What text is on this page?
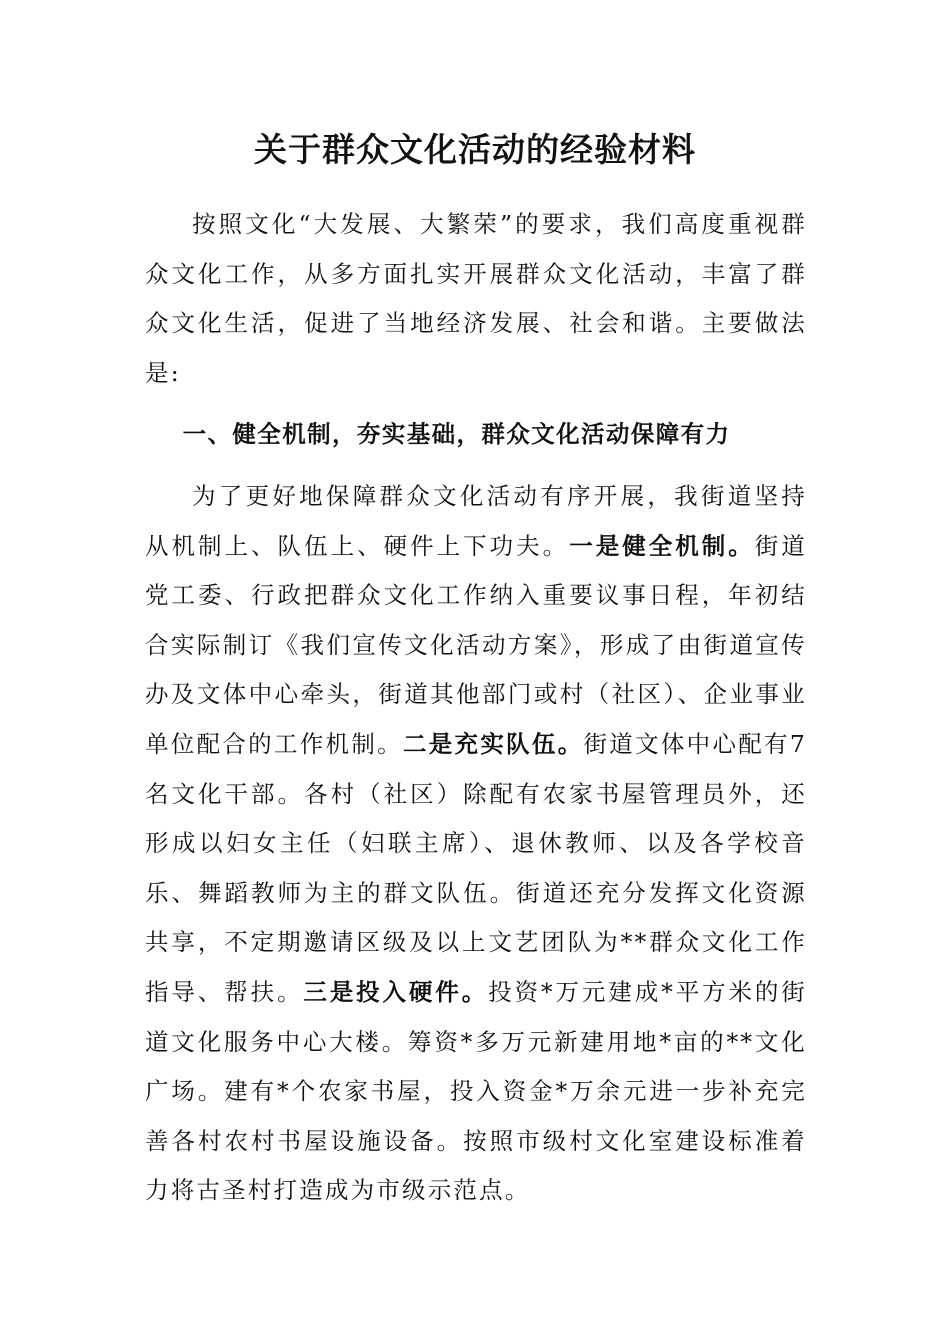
关于群众文化活动的经验材料

按照文化“大发展、大繁荣”的要求，我们高度重视群众文化工作，从多方面扎实开展群众文化活动，丰富了群众文化生活，促进了当地经济发展、社会和谐。主要做法是:

一、健全机制，夯实基础，群众文化活动保障有力

为了更好地保障群众文化活动有序开展，我街道坚持从机制上、队伍上、硬件上下功夫。一是健全机制。街道党工委、行政把群众文化工作纳入重要议事日程，年初结合实际制订《我们宣传文化活动方案》，形成了由街道宣传办及文体中心牵头，街道其他部门或村（社区）、企业事业单位配合的工作机制。二是充实队伍。街道文体中心配有7名文化干部。各村（社区）除配有农家书屋管理员外，还形成以妇女主任（妇联主席）、退休教师、以及各学校音乐、舞蹈教师为主的群文队伍。街道还充分发挥文化资源共享，不定期邀请区级及以上文艺团队为**群众文化工作指导、帮扶。三是投入硬件。投资*万元建成*平方米的街道文化服务中心大楼。筹资*多万元新建用地*亩的**文化广场。建有*个农家书屋，投入资金*万余元进一步补充完善各村农村书屋设施设备。按照市级村文化室建设标准着力将古圣村打造成为市级示范点。
